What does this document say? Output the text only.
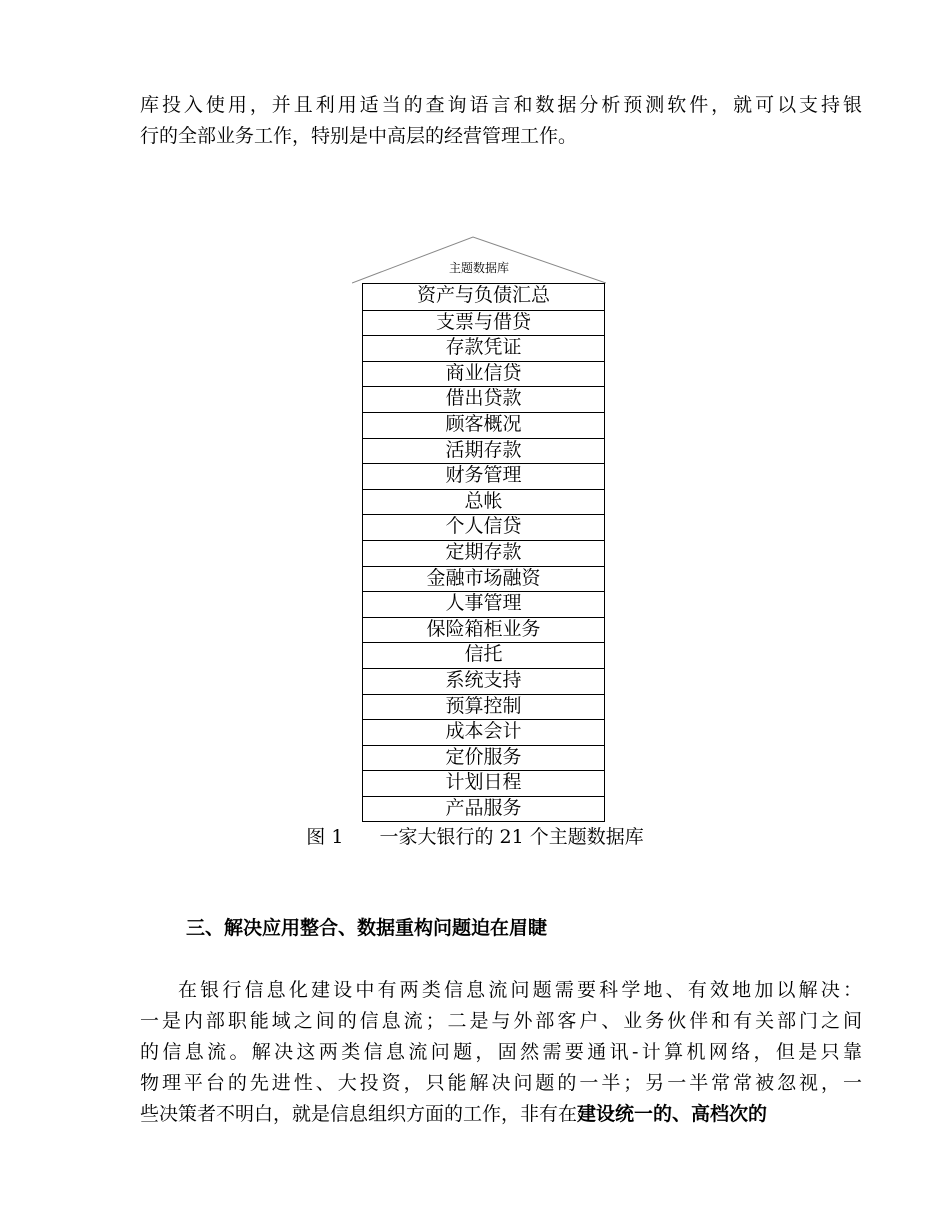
库投入使用，并且利用适当的查询语言和数据分析预测软件，就可以支持银
行的全部业务工作，特别是中高层的经营管理工作。
主题数据库
资产与负债汇总
支票与借贷
存款凭证
商业信贷
借出贷款
顾客概况
活期存款
财务管理
总帐
个人信贷
定期存款
金融市场融资
人事管理
保险箱柜业务
信托
系统支持
预算控制
成本会计
定价服务
计划日程
产品服务
图 1 一家大银行的 21 个主题数据库
三、解决应用整合、数据重构问题迫在眉睫
在银行信息化建设中有两类信息流问题需要科学地、有效地加以解决：
一是内部职能域之间的信息流；二是与外部客户、业务伙伴和有关部门之间
的信息流。解决这两类信息流问题，固然需要通讯-计算机网络，但是只靠
物理平台的先进性、大投资，只能解决问题的一半；另一半常常被忽视，一
些决策者不明白，就是信息组织方面的工作，非有在建设统一的、高档次的
